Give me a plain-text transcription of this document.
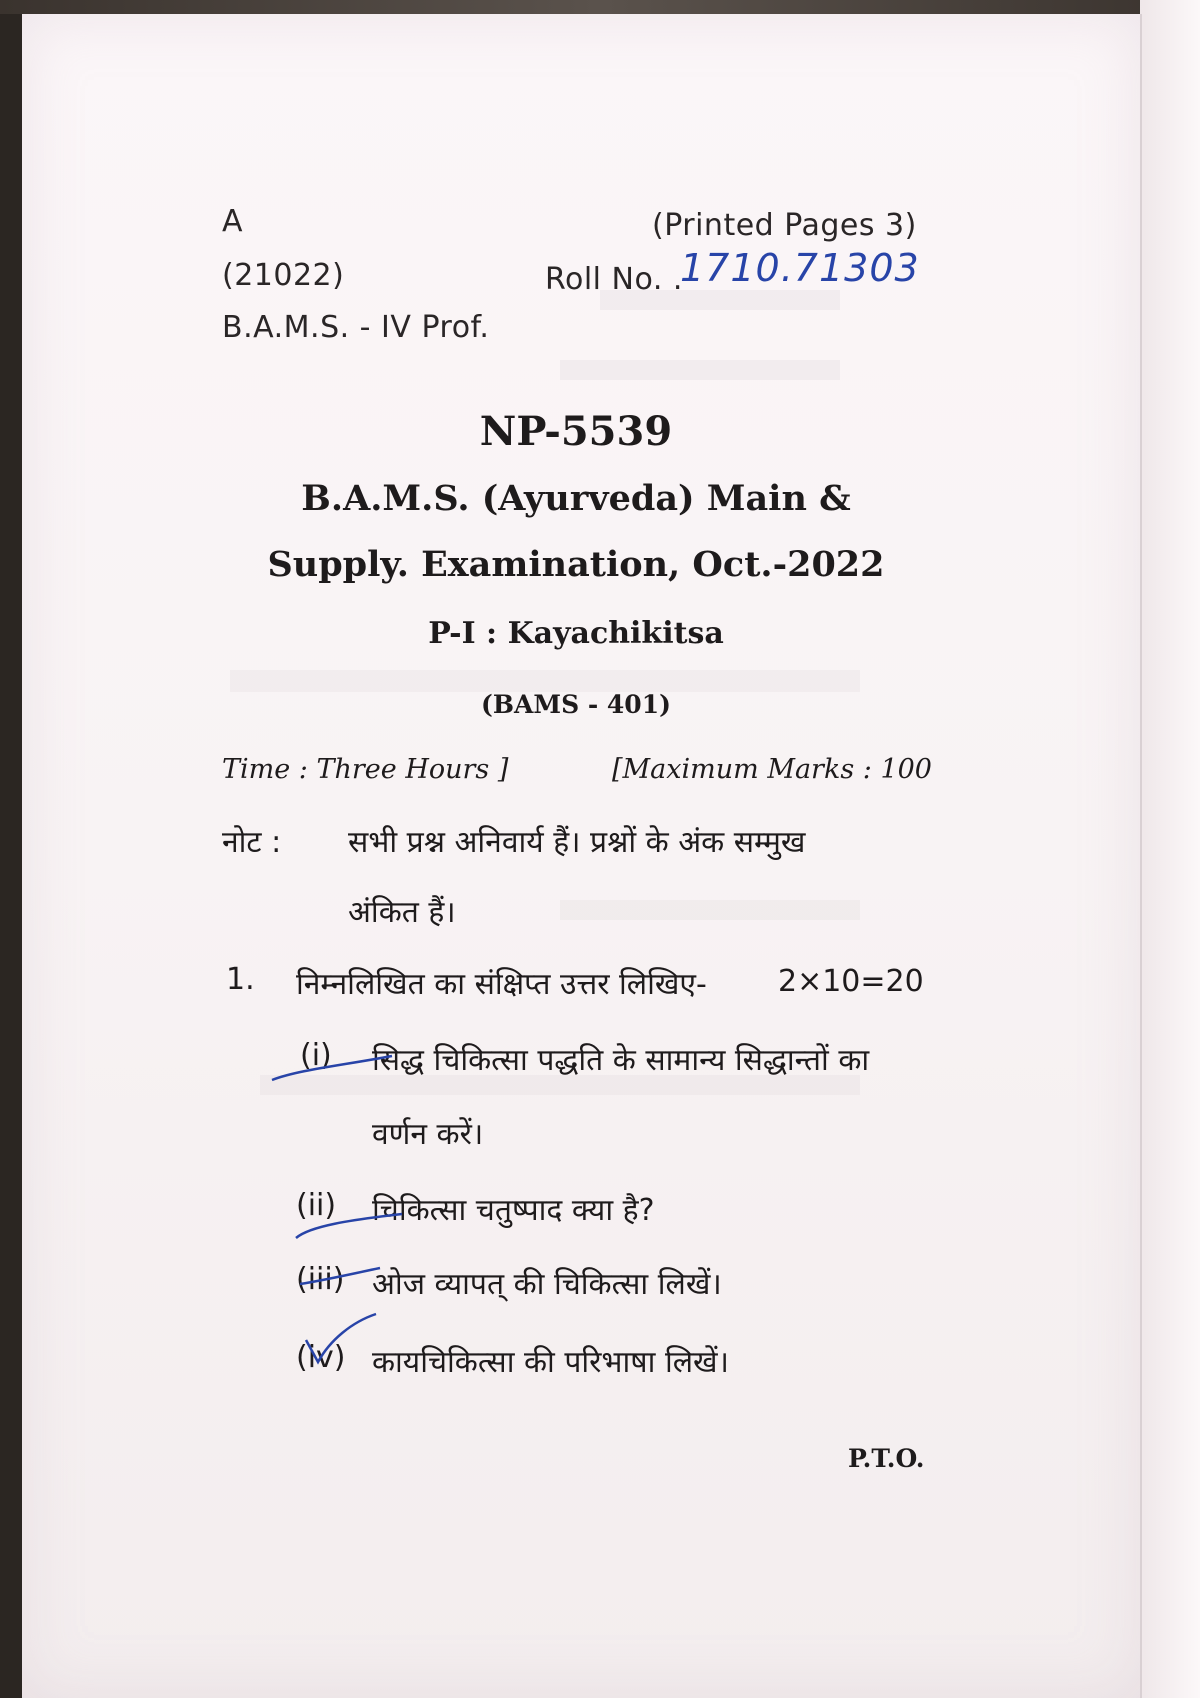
A	(Printed Pages 3)
(21022)	Roll No. .
1710.71303
B.A.M.S. - IV Prof.
NP-5539
B.A.M.S. (Ayurveda) Main &
Supply. Examination, Oct.-2022
P-I : Kayachikitsa
(BAMS - 401)
Time : Three Hours ]	[Maximum Marks : 100
नोट : सभी प्रश्न अनिवार्य हैं। प्रश्नों के अंक सम्मुख
अंकित हैं।
1. निम्नलिखित का संक्षिप्त उत्तर लिखिए- 2×10=20
(i) सिद्ध चिकित्सा पद्धति के सामान्य सिद्धान्तों का
वर्णन करें।
(ii) चिकित्सा चतुष्पाद क्या है?
(iii) ओज व्यापत् की चिकित्सा लिखें।
(iv) कायचिकित्सा की परिभाषा लिखें।
P.T.O.
